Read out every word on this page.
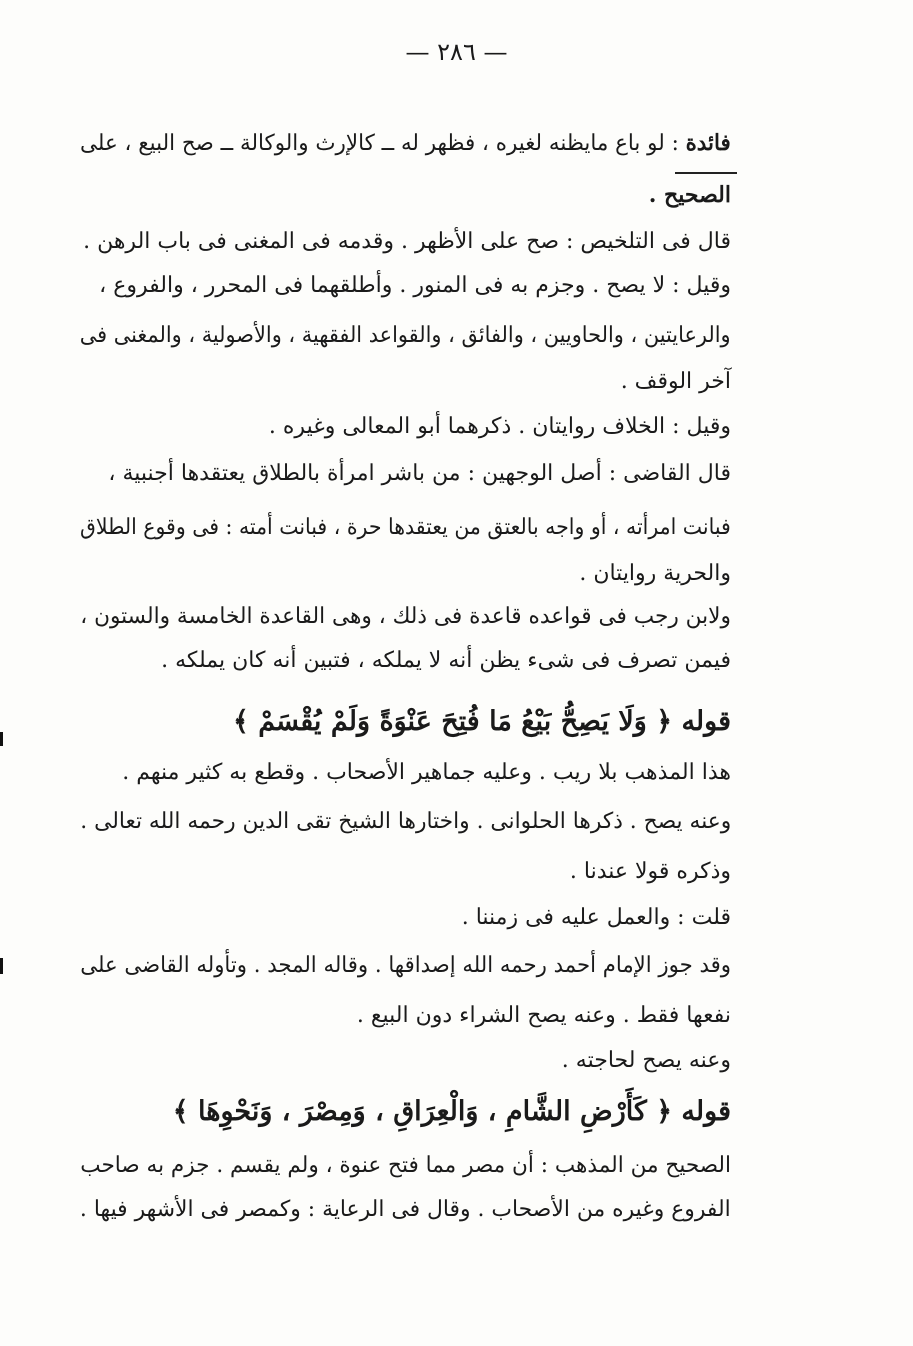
— ٢٨٦ —
فائدة : لو باع مايظنه لغيره ، فظهر له ــ كالإرث والوكالة ــ صح البيع ، على
الصحيح .
قال فى التلخيص : صح على الأظهر . وقدمه فى المغنى فى باب الرهن .
وقيل : لا يصح . وجزم به فى المنور . وأطلقهما فى المحرر ، والفروع ،
والرعايتين ، والحاويين ، والفائق ، والقواعد الفقهية ، والأصولية ، والمغنى فى
آخر الوقف .
وقيل : الخلاف روايتان . ذكرهما أبو المعالى وغيره .
قال القاضى : أصل الوجهين : من باشر امرأة بالطلاق يعتقدها أجنبية ،
فبانت امرأته ، أو واجه بالعتق من يعتقدها حرة ، فبانت أمته : فى وقوع الطلاق
والحرية روايتان .
ولابن رجب فى قواعده قاعدة فى ذلك ، وهى القاعدة الخامسة والستون ،
فيمن تصرف فى شىء يظن أنه لا يملكه ، فتبين أنه كان يملكه .
قوله ﴿ وَلَا يَصِحُّ بَيْعُ مَا فُتِحَ عَنْوَةً وَلَمْ يُقْسَمْ ﴾
هذا المذهب بلا ريب . وعليه جماهير الأصحاب . وقطع به كثير منهم .
وعنه يصح . ذكرها الحلوانى . واختارها الشيخ تقى الدين رحمه الله تعالى .
وذكره قولا عندنا .
قلت : والعمل عليه فى زمننا .
وقد جوز الإمام أحمد رحمه الله إصداقها . وقاله المجد . وتأوله القاضى على
نفعها فقط . وعنه يصح الشراء دون البيع .
وعنه يصح لحاجته .
قوله ﴿ كَأَرْضِ الشَّامِ ، وَالْعِرَاقِ ، وَمِصْرَ ، وَنَحْوِهَا ﴾
الصحيح من المذهب : أن مصر مما فتح عنوة ، ولم يقسم . جزم به صاحب
الفروع وغيره من الأصحاب . وقال فى الرعاية : وكمصر فى الأشهر فيها .
